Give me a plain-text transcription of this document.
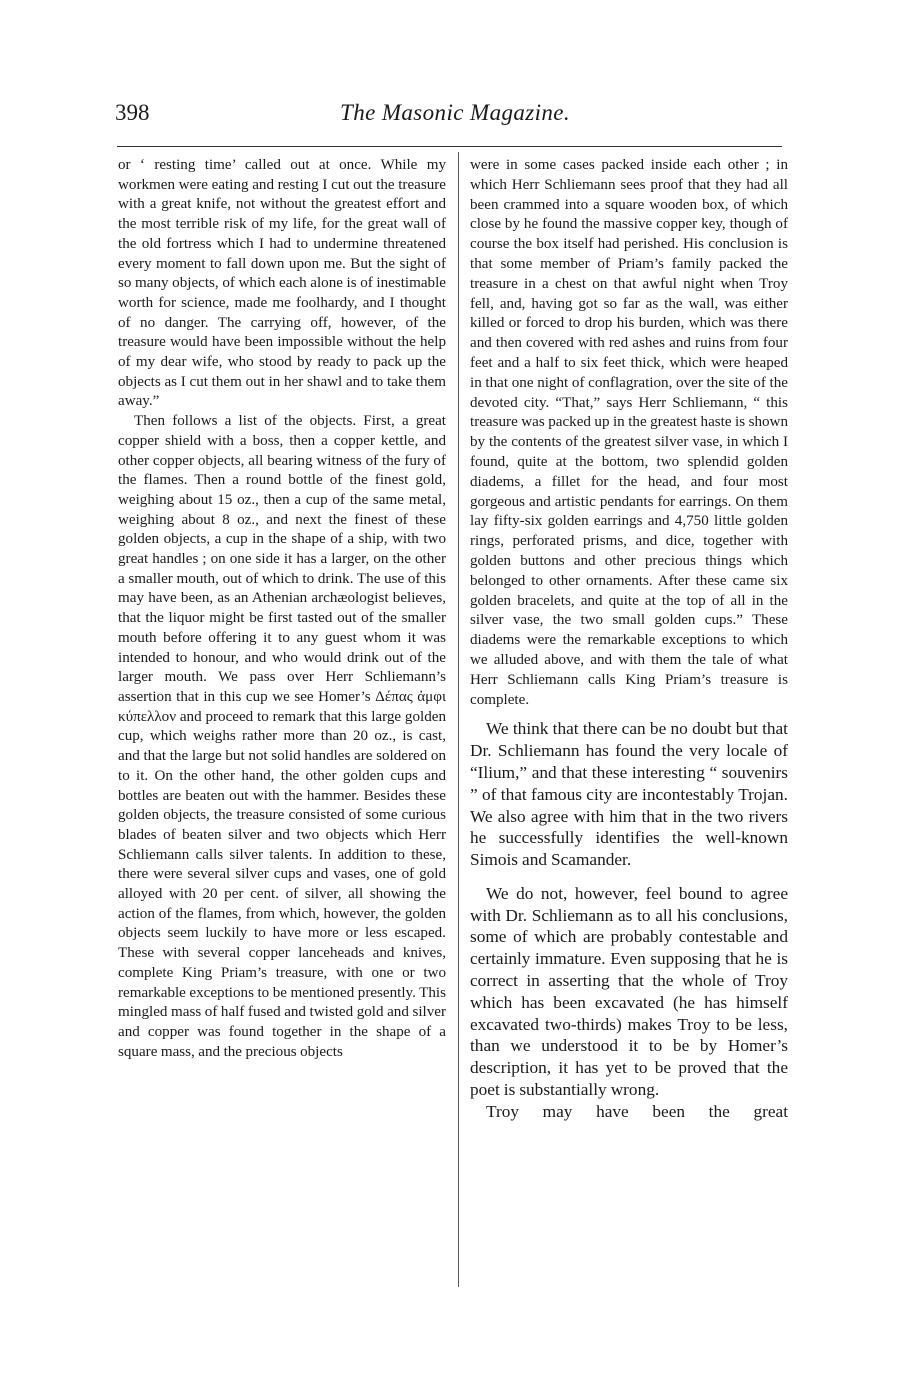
398	The Masonic Magazine.

or ‘ resting time’ called out at once. While my workmen were eating and resting I cut out the treasure with a great knife, not without the greatest effort and the most terrible risk of my life, for the great wall of the old fortress which I had to undermine threatened every moment to fall down upon me. But the sight of so many objects, of which each alone is of inestimable worth for science, made me foolhardy, and I thought of no danger. The carrying off, however, of the treasure would have been impossible without the help of my dear wife, who stood by ready to pack up the objects as I cut them out in her shawl and to take them away.”

Then follows a list of the objects. First, a great copper shield with a boss, then a copper kettle, and other copper objects, all bearing witness of the fury of the flames. Then a round bottle of the finest gold, weighing about 15 oz., then a cup of the same metal, weighing about 8 oz., and next the finest of these golden objects, a cup in the shape of a ship, with two great handles ; on one side it has a larger, on the other a smaller mouth, out of which to drink. The use of this may have been, as an Athenian archæologist believes, that the liquor might be first tasted out of the smaller mouth before offering it to any guest whom it was intended to honour, and who would drink out of the larger mouth. We pass over Herr Schliemann’s assertion that in this cup we see Homer’s Δέπας ἀμφι κύπελλον and proceed to remark that this large golden cup, which weighs rather more than 20 oz., is cast, and that the large but not solid handles are soldered on to it. On the other hand, the other golden cups and bottles are beaten out with the hammer. Besides these golden objects, the treasure consisted of some curious blades of beaten silver and two objects which Herr Schliemann calls silver talents. In addition to these, there were several silver cups and vases, one of gold alloyed with 20 per cent. of silver, all showing the action of the flames, from which, however, the golden objects seem luckily to have more or less escaped. These with several copper lanceheads and knives, complete King Priam’s treasure, with one or two remarkable exceptions to be mentioned presently. This mingled mass of half fused and twisted gold and silver and copper was found together in the shape of a square mass, and the precious objects

were in some cases packed inside each other ; in which Herr Schliemann sees proof that they had all been crammed into a square wooden box, of which close by he found the massive copper key, though of course the box itself had perished. His conclusion is that some member of Priam’s family packed the treasure in a chest on that awful night when Troy fell, and, having got so far as the wall, was either killed or forced to drop his burden, which was there and then covered with red ashes and ruins from four feet and a half to six feet thick, which were heaped in that one night of conflagration, over the site of the devoted city. “That,” says Herr Schliemann, “ this treasure was packed up in the greatest haste is shown by the contents of the greatest silver vase, in which I found, quite at the bottom, two splendid golden diadems, a fillet for the head, and four most gorgeous and artistic pendants for earrings. On them lay fifty-six golden earrings and 4,750 little golden rings, perforated prisms, and dice, together with golden buttons and other precious things which belonged to other ornaments. After these came six golden bracelets, and quite at the top of all in the silver vase, the two small golden cups.” These diadems were the remarkable exceptions to which we alluded above, and with them the tale of what Herr Schliemann calls King Priam’s treasure is complete.

We think that there can be no doubt but that Dr. Schliemann has found the very locale of “Ilium,” and that these interesting “ souvenirs ” of that famous city are incontestably Trojan. We also agree with him that in the two rivers he successfully identifies the well-known Simois and Scamander.

We do not, however, feel bound to agree with Dr. Schliemann as to all his conclusions, some of which are probably contestable and certainly immature. Even supposing that he is correct in asserting that the whole of Troy which has been excavated (he has himself excavated two-thirds) makes Troy to be less, than we understood it to be by Homer’s description, it has yet to be proved that the poet is substantially wrong.

Troy may have been the great
